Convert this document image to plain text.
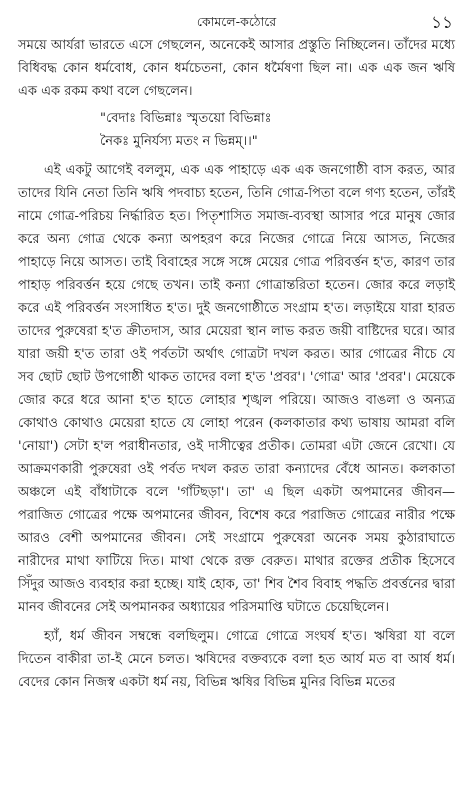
কোমলে-কঠোরে	১১

সময়ে আর্যরা ভারতে এসে গেছলেন, অনেকেই আসার প্রস্তুতি নিচ্ছিলেন। তাঁদের মধ্যে বিধিবদ্ধ কোন ধর্মবোধ, কোন ধর্মচেতনা, কোন ধর্মৈষণা ছিল না। এক এক জন ঋষি এক এক রকম কথা বলে গেছলেন।

"বেদাঃ বিভিন্নাঃ স্মৃতয়ো বিভিন্নাঃ
নৈকঃ মুনির্যস্য মতং ন ভিন্নম্।।"

এই একটু আগেই বললুম, এক এক পাহাড়ে এক এক জনগোষ্ঠী বাস করত, আর তাদের যিনি নেতা তিনি ঋষি পদবাচ্য হতেন, তিনি গোত্র-পিতা বলে গণ্য হতেন, তাঁরই নামে গোত্র-পরিচয় নির্দ্ধারিত হত। পিতৃশাসিত সমাজ-ব্যবস্থা আসার পরে মানুষ জোর করে অন্য গোত্র থেকে কন্যা অপহরণ করে নিজের গোত্রে নিয়ে আসত, নিজের পাহাড়ে নিয়ে আসত। তাই বিবাহের সঙ্গে সঙ্গে মেয়ের গোত্র পরিবর্ত্তন হ'ত, কারণ তার পাহাড় পরিবর্ত্তন হয়ে গেছে তখন। তাই কন্যা গোত্রান্তরিতা হতেন। জোর করে লড়াই করে এই পরিবর্ত্তন সংসাধিত হ'ত। দুই জনগোষ্ঠীতে সংগ্রাম হ'ত। লড়াইয়ে যারা হারত তাদের পুরুষেরা হ'ত ক্রীতদাস, আর মেয়েরা স্থান লাভ করত জয়ী বাষ্টিদের ঘরে। আর যারা জয়ী হ'ত তারা ওই পর্বতটা অর্থাৎ গোত্রটা দখল করত। আর গোত্রের নীচে যে সব ছোট ছোট উপগোষ্ঠী থাকত তাদের বলা হ'ত 'প্রবর'। 'গোত্র' আর 'প্রবর'। মেয়েকে জোর করে ধরে আনা হ'ত হাতে লোহার শৃঙ্খল পরিয়ে। আজও বাঙলা ও অন্যত্র কোথাও কোথাও মেয়েরা হাতে যে লোহা পরেন (কলকাতার কথ্য ভাষায় আমরা বলি 'নোয়া') সেটা হ'ল পরাধীনতার, ওই দাসীত্বের প্রতীক। তোমরা এটা জেনে রেখো। যে আক্রমণকারী পুরুষেরা ওই পর্বত দখল করত তারা কন্যাদের বেঁধে আনত। কলকাতা অঞ্চলে এই বাঁধাটাকে বলে 'গাঁটছড়া'। তা' এ ছিল একটা অপমানের জীবন— পরাজিত গোত্রের পক্ষে অপমানের জীবন, বিশেষ করে পরাজিত গোত্রের নারীর পক্ষে আরও বেশী অপমানের জীবন। সেই সংগ্রামে পুরুষেরা অনেক সময় কুঠারাঘাতে নারীদের মাথা ফাটিয়ে দিত। মাথা থেকে রক্ত বেরুত। মাথার রক্তের প্রতীক হিসেবে সিঁদুর আজও ব্যবহার করা হচ্ছে। যাই হোক, তা' শিব শৈব বিবাহ পদ্ধতি প্রবর্ত্তনের দ্বারা মানব জীবনের সেই অপমানকর অধ্যায়ের পরিসমাপ্তি ঘটাতে চেয়েছিলেন।

হ্যাঁ, ধর্ম জীবন সম্বন্ধে বলছিলুম। গোত্রে গোত্রে সংঘর্ষ হ'ত। ঋষিরা যা বলে দিতেন বাকীরা তা-ই মেনে চলত। ঋষিদের বক্তব্যকে বলা হত আর্য মত বা আর্ষ ধর্ম। বেদের কোন নিজস্ব একটা ধর্ম নয়, বিভিন্ন ঋষির বিভিন্ন মুনির বিভিন্ন মতের
